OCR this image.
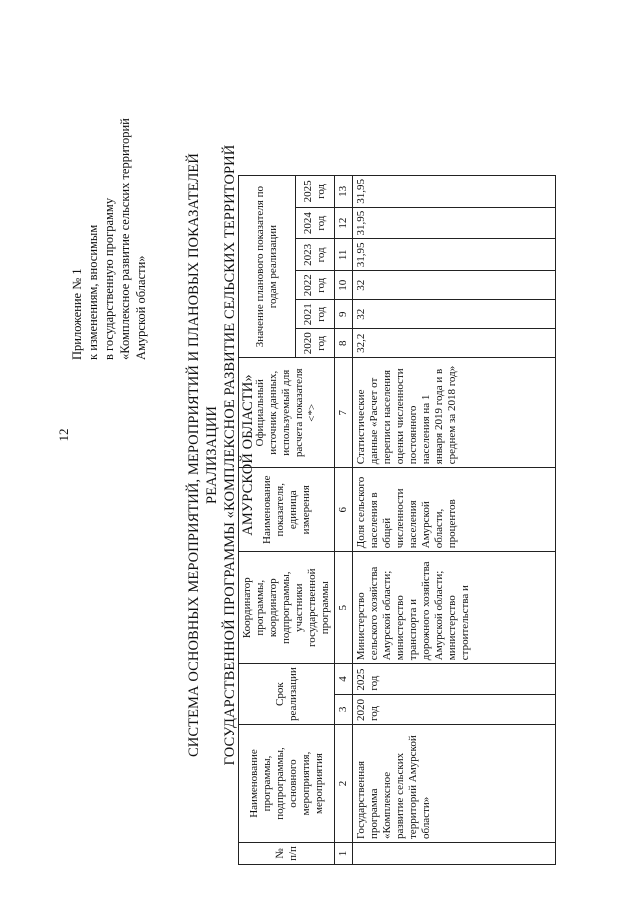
12
Приложение № 1 к изменениям, вносимым в государственную программу «Комплексное развитие сельских территорий Амурской области»	СИСТЕМА ОСНОВНЫХ МЕРОПРИЯТИЙ, МЕРОПРИЯТИЙ И ПЛАНОВЫХ ПОКАЗАТЕЛЕЙ РЕАЛИЗАЦИИ ГОСУДАРСТВЕННОЙ ПРОГРАММЫ «КОМПЛЕКСНОЕ РАЗВИТИЕ СЕЛЬСКИХ ТЕРРИТОРИЙ АМУРСКОЙ ОБЛАСТИ»
№ п/п	Наименование программы, подпрограммы, основного мероприятия, мероприятия	Срок реализации		Координатор программы, координатор подпрограммы, участники государственной программы	Наименование показателя, единица измерения	Официальный источник данных, используемый для расчета показателя <*>	Значение планового показателя по годам реализации					
							2020 год	2021 год	2022 год	2023 год	2024 год	2025 год
1	2	3	4	5	6	7	8	9	10	11	12	13
	Государственная программа «Комплексное развитие сельских территорий Амурской области»	2020 год	2025 год	Министерство сельского хозяйства Амурской области; министерство транспорта и дорожного хозяйства Амурской области; министерство строительства и	Доля сельского населения в общей численности населения Амурской области, процентов	Статистические данные «Расчет от переписи населения оценки численности постоянного населения на 1 января 2019 года и в среднем за 2018 год»	32,2	32	32	31,95	31,95	31,95
